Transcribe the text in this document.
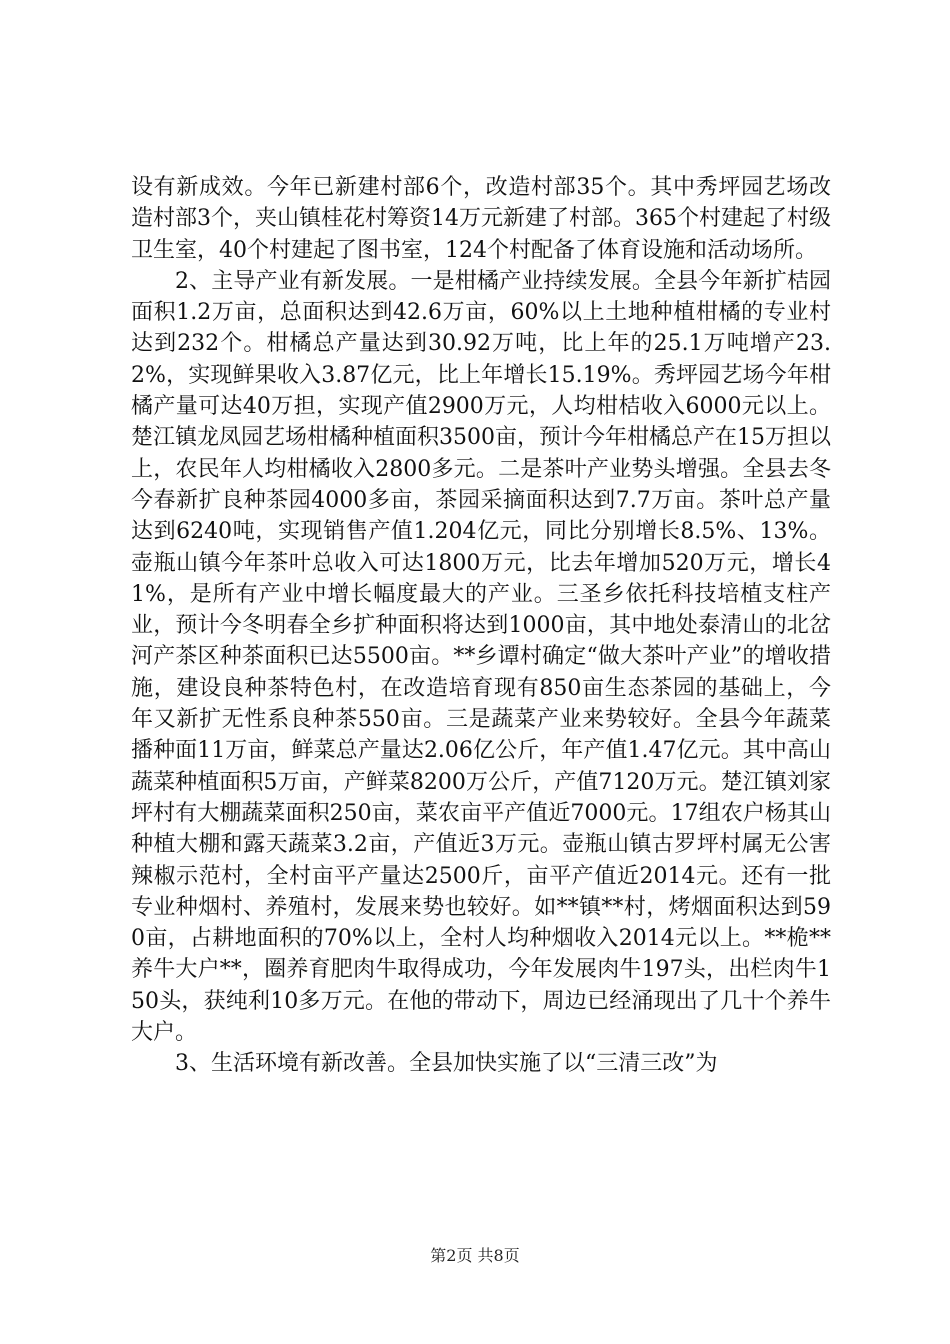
设有新成效。今年已新建村部6个，改造村部35个。其中秀坪园艺场改造村部3个，夹山镇桂花村筹资14万元新建了村部。365个村建起了村级卫生室，40个村建起了图书室，124个村配备了体育设施和活动场所。

2、主导产业有新发展。一是柑橘产业持续发展。全县今年新扩桔园面积1.2万亩，总面积达到42.6万亩，60%以上土地种植柑橘的专业村达到232个。柑橘总产量达到30.92万吨，比上年的25.1万吨增产23.2%，实现鲜果收入3.87亿元，比上年增长15.19%。秀坪园艺场今年柑橘产量可达40万担，实现产值2900万元，人均柑桔收入6000元以上。楚江镇龙凤园艺场柑橘种植面积3500亩，预计今年柑橘总产在15万担以上，农民年人均柑橘收入2800多元。二是茶叶产业势头增强。全县去冬今春新扩良种茶园4000多亩，茶园采摘面积达到7.7万亩。茶叶总产量达到6240吨，实现销售产值1.204亿元，同比分别增长8.5%、13%。壶瓶山镇今年茶叶总收入可达1800万元，比去年增加520万元，增长41%，是所有产业中增长幅度最大的产业。三圣乡依托科技培植支柱产业，预计今冬明春全乡扩种面积将达到1000亩，其中地处泰清山的北岔河产茶区种茶面积已达5500亩。**乡谭村确定“做大茶叶产业”的增收措施，建设良种茶特色村，在改造培育现有850亩生态茶园的基础上，今年又新扩无性系良种茶550亩。三是蔬菜产业来势较好。全县今年蔬菜播种面11万亩，鲜菜总产量达2.06亿公斤，年产值1.47亿元。其中高山蔬菜种植面积5万亩，产鲜菜8200万公斤，产值7120万元。楚江镇刘家坪村有大棚蔬菜面积250亩，菜农亩平产值近7000元。17组农户杨其山种植大棚和露天蔬菜3.2亩，产值近3万元。壶瓶山镇古罗坪村属无公害辣椒示范村，全村亩平产量达2500斤，亩平产值近2014元。还有一批专业种烟村、养殖村，发展来势也较好。如**镇**村，烤烟面积达到590亩，占耕地面积的70%以上，全村人均种烟收入2014元以上。**桅**养牛大户**，圈养育肥肉牛取得成功，今年发展肉牛197头，出栏肉牛150头，获纯利10多万元。在他的带动下，周边已经涌现出了几十个养牛大户。

3、生活环境有新改善。全县加快实施了以“三清三改”为

第2页 共8页
